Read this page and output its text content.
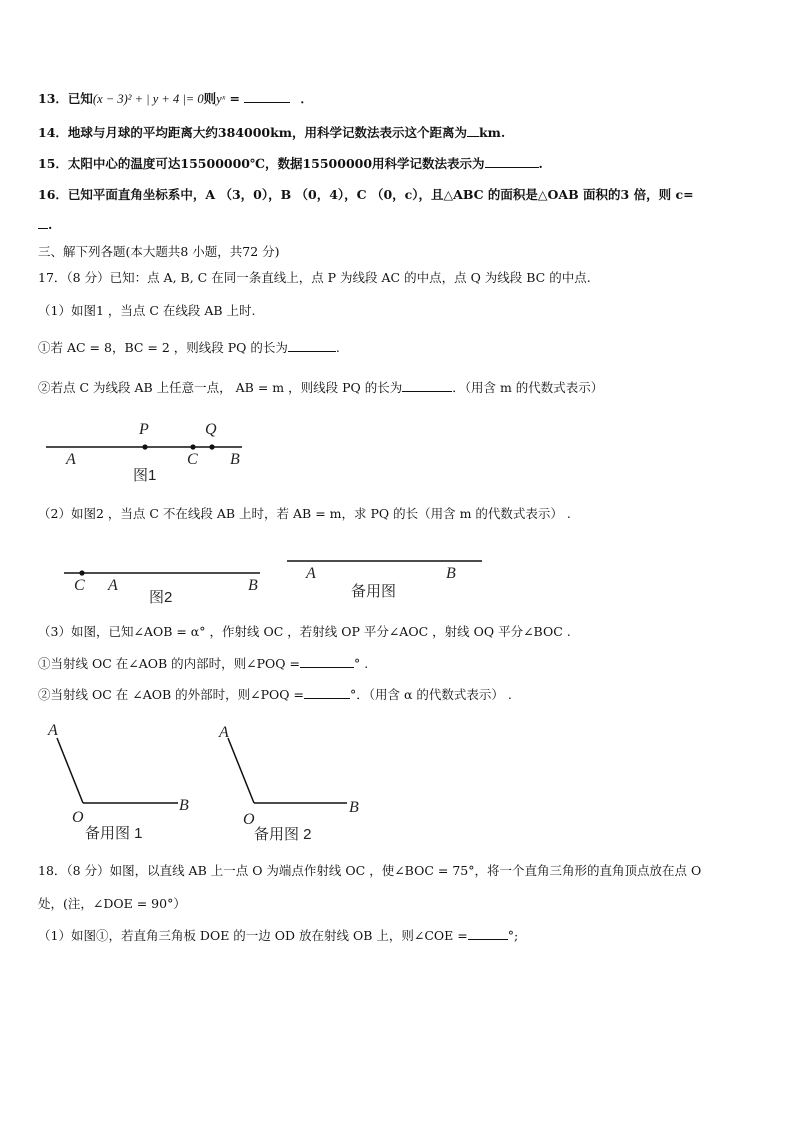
13．已知(x − 3)² + | y + 4 |= 0则yˣ =	．
14．地球与月球的平均距离大约384000km，用科学记数法表示这个距离为 km.
15．太阳中心的温度可达15500000℃，数据15500000用科学记数法表示为	.
16．已知平面直角坐标系中，A （3，0），B （0，4），C （0，c），且△ABC 的面积是△OAB 面积的3 倍，则 c=
.
三、解下列各题(本大题共8 小题，共72 分)
17．（8 分）已知：点 A, B, C 在同一条直线上，点 P 为线段 AC 的中点，点 Q 为线段 BC 的中点.
（1）如图1 ，当点 C 在线段 AB 上时.
①若 AC = 8，BC = 2 ，则线段 PQ 的长为	.
②若点 C 为线段 AB 上任意一点， AB = m ，则线段 PQ 的长为	．（用含 m 的代数式表示）
（2）如图2 ，当点 C 不在线段 AB 上时，若 AB = m，求 PQ 的长（用含 m 的代数式表示） .
（3）如图，已知∠AOB = α° ，作射线 OC ，若射线 OP 平分∠AOC ，射线 OQ 平分∠BOC .
①当射线 OC 在∠AOB 的内部时，则∠POQ =	° .
②当射线 OC 在 ∠AOB 的外部时，则∠POQ =	°．（用含 α 的代数式表示） .
18．（8 分）如图，以直线 AB 上一点 O 为端点作射线 OC ，使∠BOC = 75°，将一个直角三角形的直角顶点放在点 O
处，(注，∠DOE = 90°）
（1）如图①，若直角三角板 DOE 的一边 OD 放在射线 OB 上，则∠COE =	°;
P	Q
A	C B
图1
C A	B
图2
A	B
备用图
A
O
B
备用图 1
A
O
B
备用图 2
